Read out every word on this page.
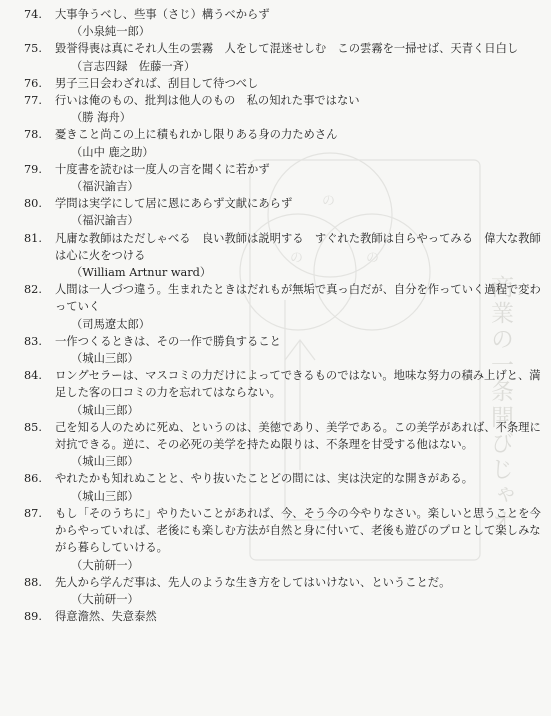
の
の	の
商業の一条開びじゃオ
74.	大事争うべし、些事（さじ）構うべからず
（小泉純一郎）
75.	毀誉得喪は真にそれ人生の雲霧　人をして混迷せしむ　この雲霧を一掃せば、天青く日白し
（言志四録　佐藤一斉）
76.	男子三日会わざれば、刮目して待つべし
77.	行いは俺のもの、批判は他人のもの　私の知れた事ではない
（勝 海舟）
78.	憂きこと尚この上に積もれかし限りある身の力ためさん
（山中 鹿之助）
79.	十度書を読むは一度人の言を聞くに若かず
（福沢諭吉）
80.	学問は実学にして居に恩にあらず文献にあらず
（福沢諭吉）
81.	凡庸な教師はただしゃべる　良い教師は説明する　すぐれた教師は自らやってみる　偉大な教師は心に火をつける
（William Artnur ward）
82.	人間は一人づつ違う。生まれたときはだれもが無垢で真っ白だが、自分を作っていく過程で変わっていく
（司馬遼太郎）
83.	一作つくるときは、その一作で勝負すること
（城山三郎）
84.	ロングセラーは、マスコミの力だけによってできるものではない。地味な努力の積み上げと、満足した客の口コミの力を忘れてはならない。
（城山三郎）
85.	己を知る人のために死ぬ、というのは、美徳であり、美学である。この美学があれば、不条理に対抗できる。逆に、その必死の美学を持たぬ限りは、不条理を甘受する他はない。
（城山三郎）
86.	やれたかも知れぬことと、やり抜いたことどの間には、実は決定的な開きがある。
（城山三郎）
87.	もし「そのうちに」やりたいことがあれば、今、そう今の今やりなさい。楽しいと思うことを今からやっていれば、老後にも楽しむ方法が自然と身に付いて、老後も遊びのプロとして楽しみながら暮らしていける。
（大前研一）
88.	先人から学んだ事は、先人のような生き方をしてはいけない、ということだ。
（大前研一）
89.	得意澹然、失意泰然
